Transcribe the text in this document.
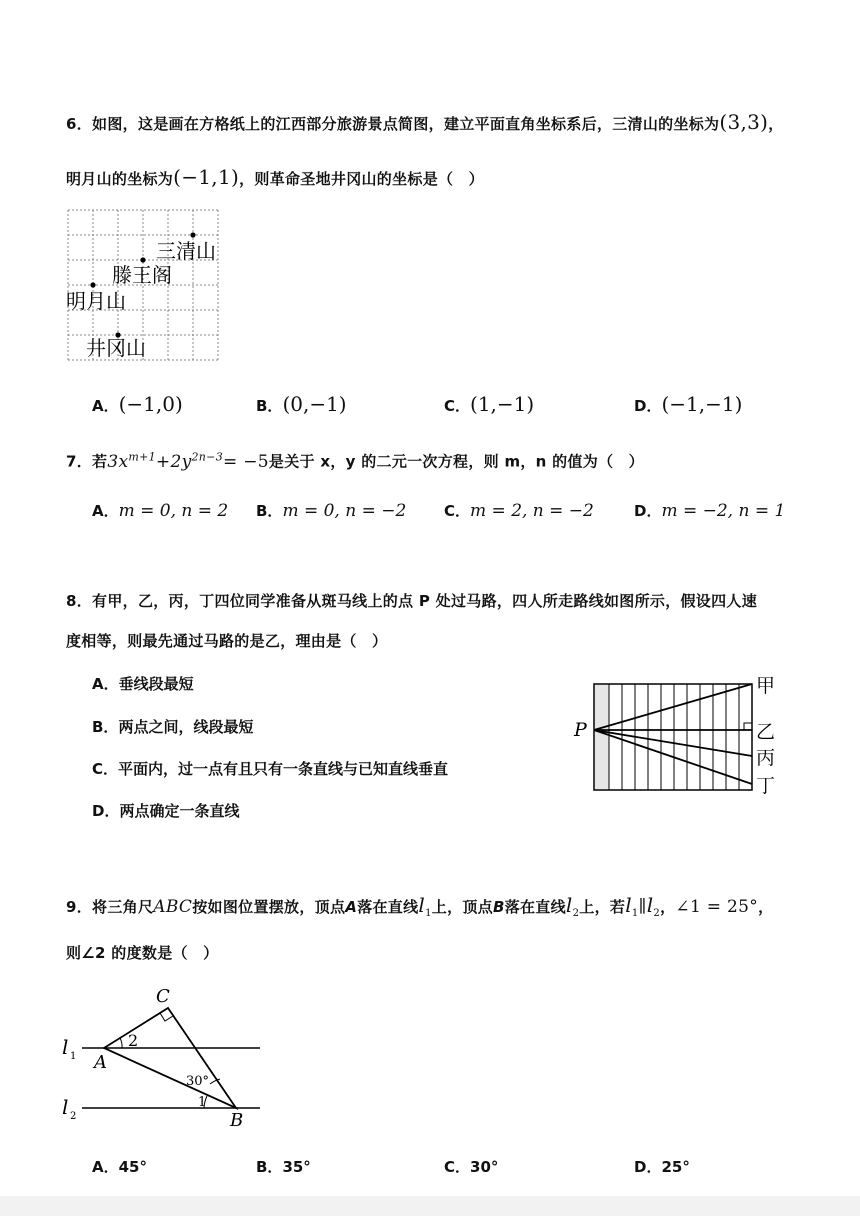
6．如图，这是画在方格纸上的江西部分旅游景点简图，建立平面直角坐标系后，三清山的坐标为(3,3)，
明月山的坐标为(−1,1)，则革命圣地井冈山的坐标是（　）
三清山
滕王阁
明月山
井冈山
A．(−1,0)	B．(0,−1)	C．(1,−1)	D．(−1,−1)
7．若$3x^{m+1}+2y^{2n-3}= -5$是关于 x，y 的二元一次方程，则 m，n 的值为（　）
A．m = 0, n = 2 B．m = 0, n = −2	C．m = 2, n = −2	D．m = −2, n = 1
8．有甲，乙，丙，丁四位同学准备从斑马线上的点 P 处过马路，四人所走路线如图所示，假设四人速
度相等，则最先通过马路的是乙，理由是（　）
A．垂线段最短
B．两点之间，线段最短
C．平面内，过一点有且只有一条直线与已知直线垂直
D．两点确定一条直线
P
甲
乙
丙
丁
9．将三角尺ABC按如图位置摆放，顶点A落在直线$l_1$上，顶点B落在直线$l_2$上，若$l_1\parallel l_2$，∠1 = 25°，
则∠2 的度数是（　）
C
A
B
l 1
l 2
2
30°
1
A．45°	B．35°	C．30°	D．25°
